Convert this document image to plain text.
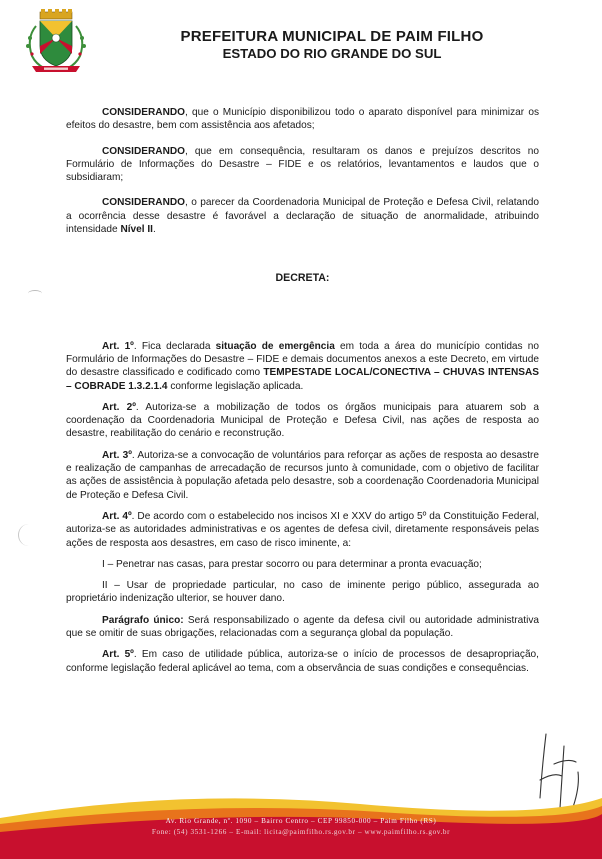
PREFEITURA MUNICIPAL DE PAIM FILHO
ESTADO DO RIO GRANDE DO SUL

CONSIDERANDO, que o Município disponibilizou todo o aparato disponível para minimizar os efeitos do desastre, bem com assistência aos afetados;

CONSIDERANDO, que em consequência, resultaram os danos e prejuízos descritos no Formulário de Informações do Desastre – FIDE e os relatórios, levantamentos e laudos que o subsidiaram;

CONSIDERANDO, o parecer da Coordenadoria Municipal de Proteção e Defesa Civil, relatando a ocorrência desse desastre é favorável a declaração de situação de anormalidade, atribuindo intensidade Nível II.

DECRETA:

Art. 1º. Fica declarada situação de emergência em toda a área do município contidas no Formulário de Informações do Desastre – FIDE e demais documentos anexos a este Decreto, em virtude do desastre classificado e codificado como TEMPESTADE LOCAL/CONECTIVA – CHUVAS INTENSAS – COBRADE 1.3.2.1.4 conforme legislação aplicada.

Art. 2º. Autoriza-se a mobilização de todos os órgãos municipais para atuarem sob a coordenação da Coordenadoria Municipal de Proteção e Defesa Civil, nas ações de resposta ao desastre, reabilitação do cenário e reconstrução.

Art. 3º. Autoriza-se a convocação de voluntários para reforçar as ações de resposta ao desastre e realização de campanhas de arrecadação de recursos junto à comunidade, com o objetivo de facilitar as ações de assistência à população afetada pelo desastre, sob a coordenação Coordenadoria Municipal de Proteção e Defesa Civil.

Art. 4º. De acordo com o estabelecido nos incisos XI e XXV do artigo 5º da Constituição Federal, autoriza-se as autoridades administrativas e os agentes de defesa civil, diretamente responsáveis pelas ações de resposta aos desastres, em caso de risco iminente, a:

I – Penetrar nas casas, para prestar socorro ou para determinar a pronta evacuação;

II – Usar de propriedade particular, no caso de iminente perigo público, assegurada ao proprietário indenização ulterior, se houver dano.

Parágrafo único: Será responsabilizado o agente da defesa civil ou autoridade administrativa que se omitir de suas obrigações, relacionadas com a segurança global da população.

Art. 5º. Em caso de utilidade pública, autoriza-se o início de processos de desapropriação, conforme legislação federal aplicável ao tema, com a observância de suas condições e consequências.

Av. Rio Grande, nº. 1090 – Bairro Centro – CEP 99850-000 – Paim Filho (RS)
Fone: (54) 3531-1266 – E-mail: licita@paimfilho.rs.gov.br – www.paimfilho.rs.gov.br
